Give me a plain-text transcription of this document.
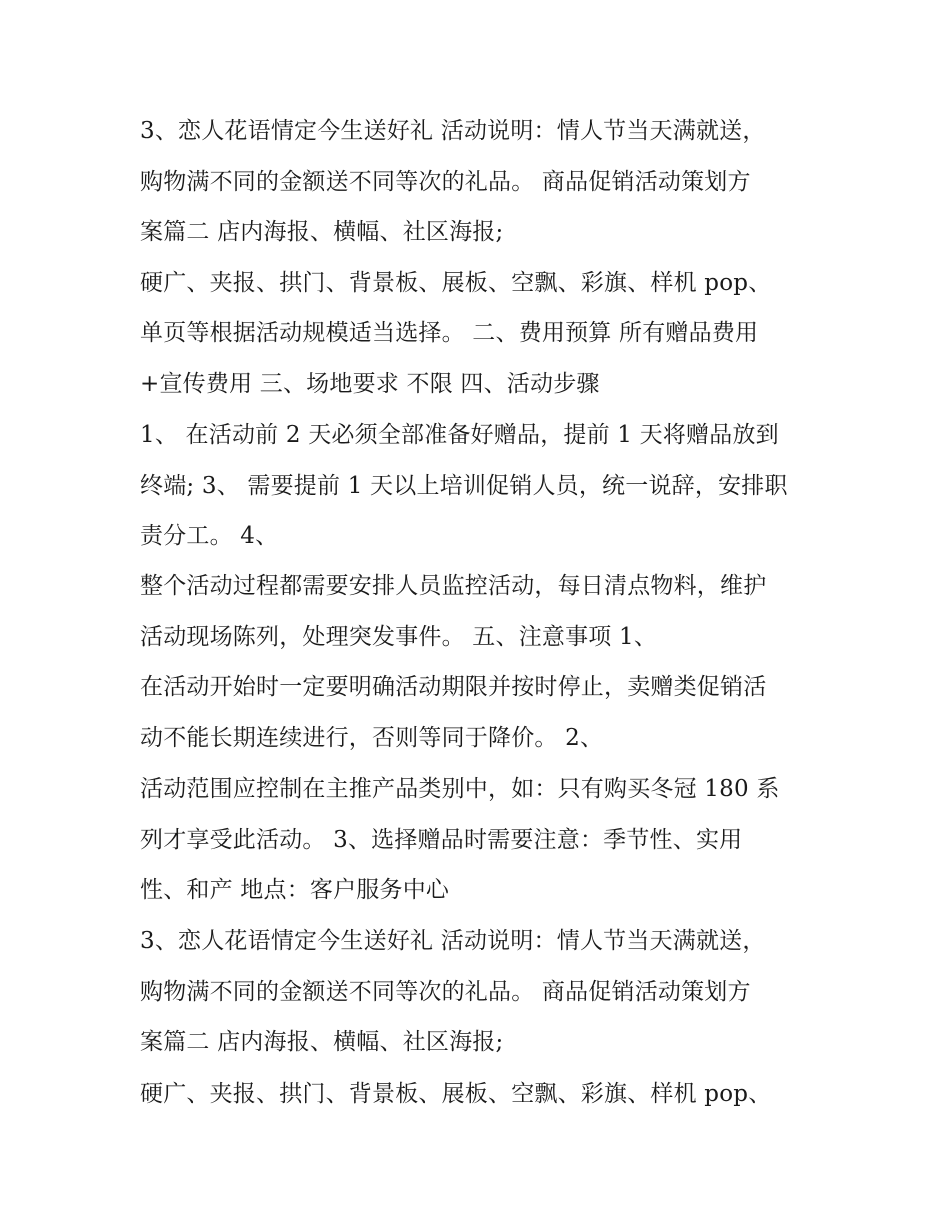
3、恋人花语情定今生送好礼 活动说明：情人节当天满就送，
购物满不同的金额送不同等次的礼品。 商品促销活动策划方
案篇二 店内海报、横幅、社区海报;
硬广、夹报、拱门、背景板、展板、空飘、彩旗、样机 pop、
单页等根据活动规模适当选择。 二、费用预算 所有赠品费用
+宣传费用 三、场地要求 不限 四、活动步骤
1、 在活动前 2 天必须全部准备好赠品，提前 1 天将赠品放到
终端; 3、 需要提前 1 天以上培训促销人员，统一说辞，安排职
责分工。 4、
整个活动过程都需要安排人员监控活动，每日清点物料，维护
活动现场陈列，处理突发事件。 五、注意事项 1、
在活动开始时一定要明确活动期限并按时停止，卖赠类促销活
动不能长期连续进行，否则等同于降价。 2、
活动范围应控制在主推产品类别中，如：只有购买冬冠 180 系
列才享受此活动。 3、选择赠品时需要注意：季节性、实用
性、和产 地点：客户服务中心
3、恋人花语情定今生送好礼 活动说明：情人节当天满就送，
购物满不同的金额送不同等次的礼品。 商品促销活动策划方
案篇二 店内海报、横幅、社区海报;
硬广、夹报、拱门、背景板、展板、空飘、彩旗、样机 pop、
